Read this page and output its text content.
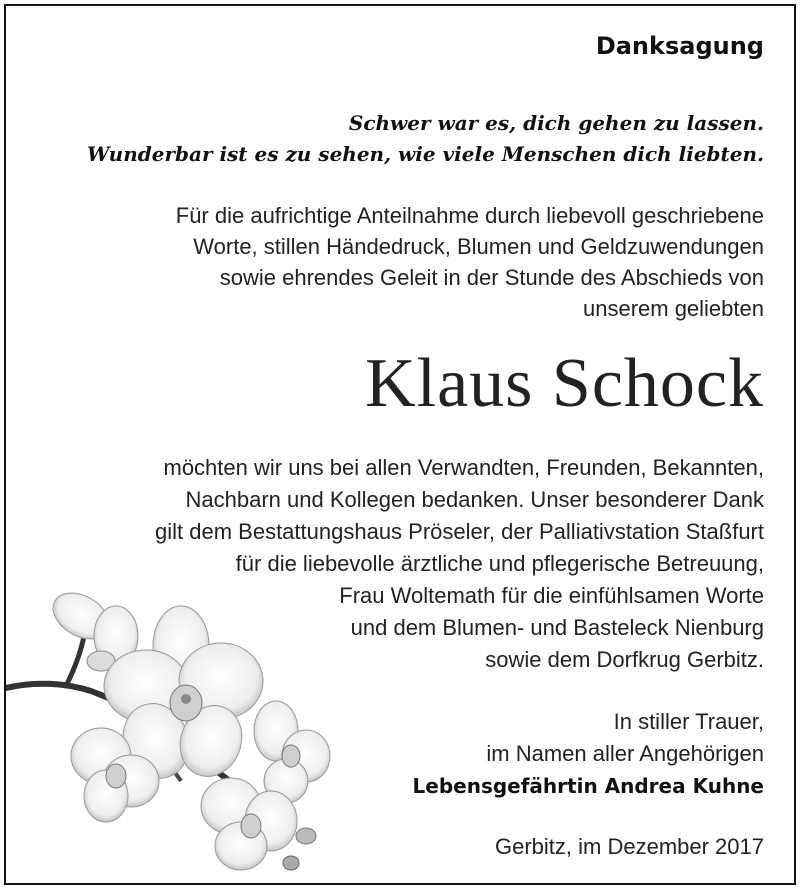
Danksagung
Schwer war es, dich gehen zu lassen.
Wunderbar ist es zu sehen, wie viele Menschen dich liebten.
Für die aufrichtige Anteilnahme durch liebevoll geschriebene
Worte, stillen Händedruck, Blumen und Geldzuwendungen
sowie ehrendes Geleit in der Stunde des Abschieds von
unserem geliebten
Klaus Schock
möchten wir uns bei allen Verwandten, Freunden, Bekannten,
Nachbarn und Kollegen bedanken. Unser besonderer Dank
gilt dem Bestattungshaus Pröseler, der Palliativstation Staßfurt
für die liebevolle ärztliche und pflegerische Betreuung,
Frau Woltemath für die einfühlsamen Worte
und dem Blumen- und Basteleck Nienburg
sowie dem Dorfkrug Gerbitz.
In stiller Trauer,
im Namen aller Angehörigen
Lebensgefährtin Andrea Kuhne
Gerbitz, im Dezember 2017
